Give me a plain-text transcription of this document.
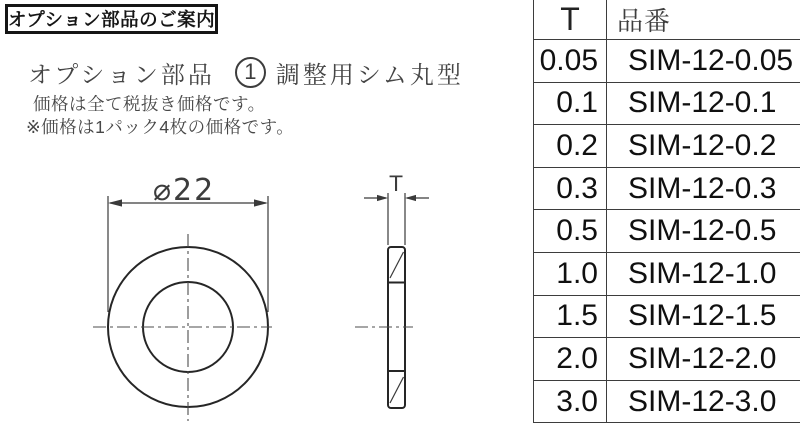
⌀22	T
オプション部品のご案内
オプション部品 1 調整用シム丸型
価格は全て税抜き価格です。
※価格は1パック4枚の価格です。
T	品番
0.05	SIM-12-0.05
0.1	SIM-12-0.1
0.2	SIM-12-0.2
0.3	SIM-12-0.3
0.5	SIM-12-0.5
1.0	SIM-12-1.0
1.5	SIM-12-1.5
2.0	SIM-12-2.0
3.0	SIM-12-3.0
